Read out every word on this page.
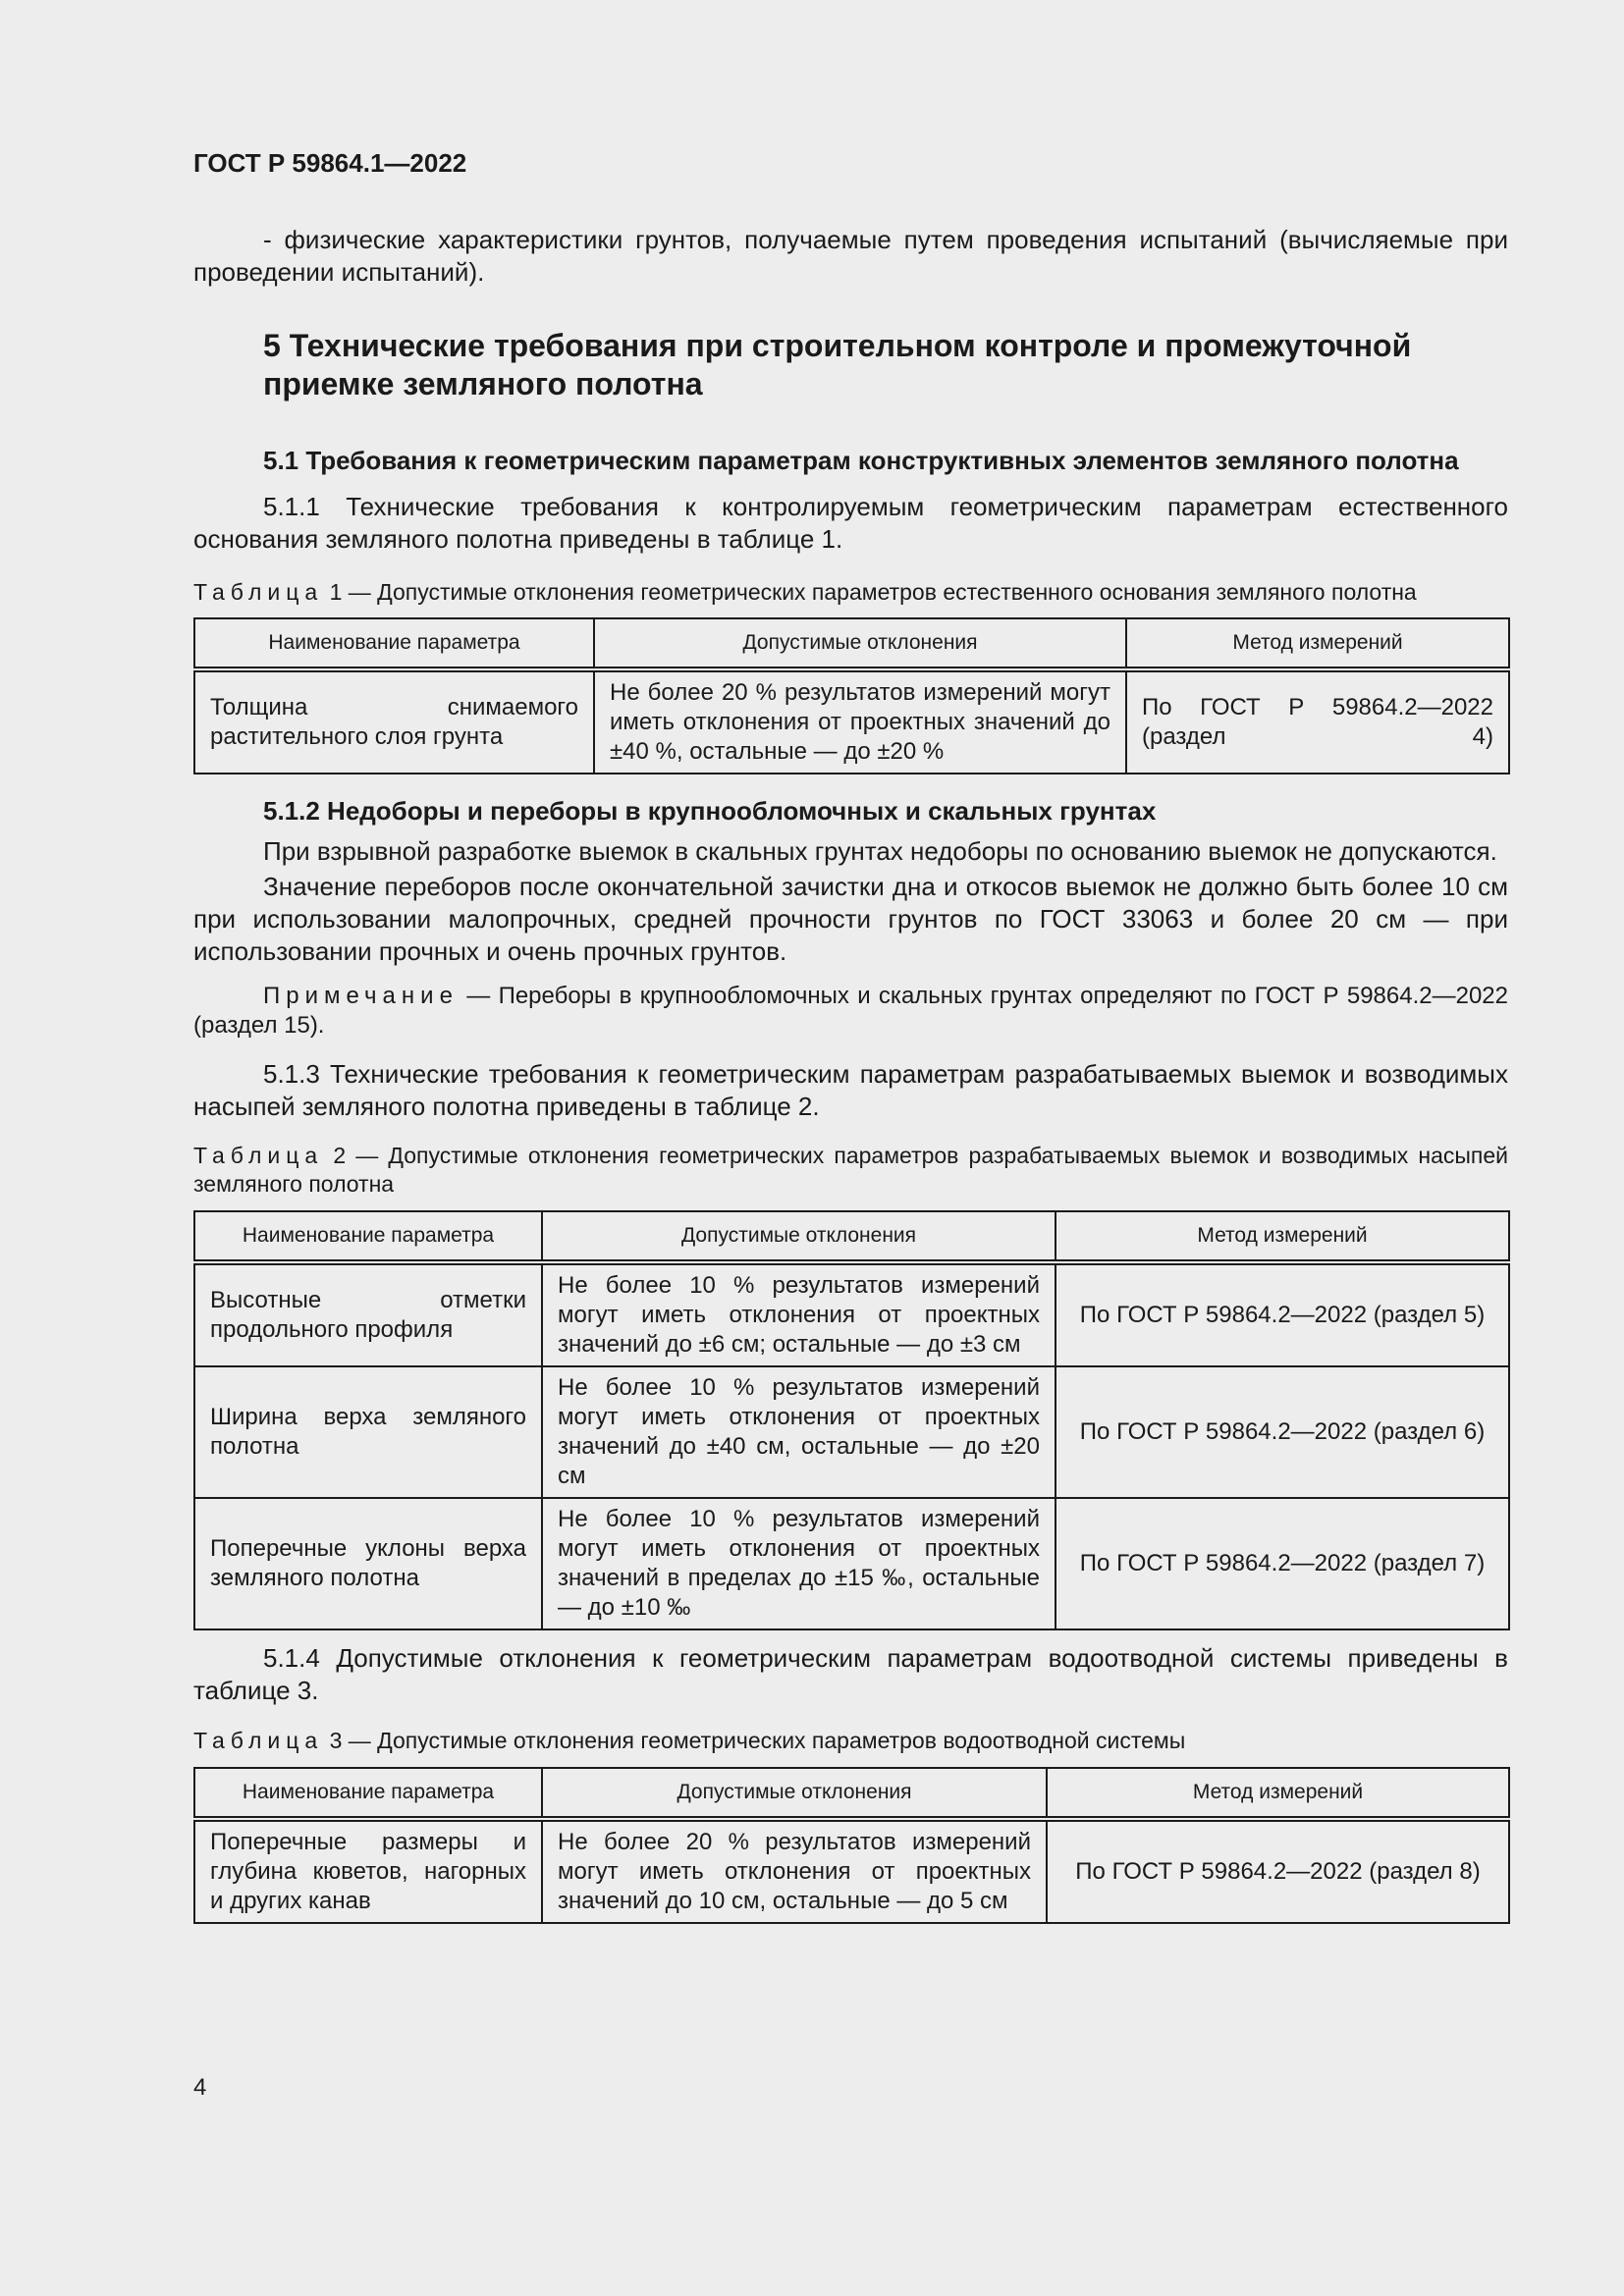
ГОСТ Р 59864.1—2022

- физические характеристики грунтов, получаемые путем проведения испытаний (вычисляемые при проведении испытаний).

5 Технические требования при строительном контроле и промежуточной приемке земляного полотна
5.1 Требования к геометрическим параметрам конструктивных элементов земляного полотна

5.1.1 Технические требования к контролируемым геометрическим параметрам естественного основания земляного полотна приведены в таблице 1.

Таблица 1 — Допустимые отклонения геометрических параметров естественного основания земляного полотна
Наименование параметра	Допустимые отклонения	Метод измерений
Толщина снимаемого растительного слоя грунта	Не более 20 % результатов измерений могут иметь отклонения от проектных значений до ±40 %, остальные — до ±20 %	По ГОСТ Р 59864.2—2022 (раздел 4)
5.1.2 Недоборы и переборы в крупнообломочных и скальных грунтах

При взрывной разработке выемок в скальных грунтах недоборы по основанию выемок не допускаются.

Значение переборов после окончательной зачистки дна и откосов выемок не должно быть более 10 см при использовании малопрочных, средней прочности грунтов по ГОСТ 33063 и более 20 см — при использовании прочных и очень прочных грунтов.

Примечание — Переборы в крупнообломочных и скальных грунтах определяют по ГОСТ Р 59864.2—2022 (раздел 15).

5.1.3 Технические требования к геометрическим параметрам разрабатываемых выемок и возводимых насыпей земляного полотна приведены в таблице 2.

Таблица 2 — Допустимые отклонения геометрических параметров разрабатываемых выемок и возводимых насыпей земляного полотна
Наименование параметра	Допустимые отклонения	Метод измерений
Высотные отметки продольного профиля	Не более 10 % результатов измерений могут иметь отклонения от проектных значений до ±6 см; остальные — до ±3 см	По ГОСТ Р 59864.2—2022 (раздел 5)
Ширина верха земляного полотна	Не более 10 % результатов измерений могут иметь отклонения от проектных значений до ±40 см, остальные — до ±20 см	По ГОСТ Р 59864.2—2022 (раздел 6)
Поперечные уклоны верха земляного полотна	Не более 10 % результатов измерений могут иметь отклонения от проектных значений в пределах до ±15 ‰, остальные — до ±10 ‰	По ГОСТ Р 59864.2—2022 (раздел 7)

5.1.4 Допустимые отклонения к геометрическим параметрам водоотводной системы приведены в таблице 3.

Таблица 3 — Допустимые отклонения геометрических параметров водоотводной системы
Наименование параметра	Допустимые отклонения	Метод измерений
Поперечные размеры и глубина кюветов, нагорных и других канав	Не более 20 % результатов измерений могут иметь отклонения от проектных значений до 10 см, остальные — до 5 см	По ГОСТ Р 59864.2—2022 (раздел 8)
4
